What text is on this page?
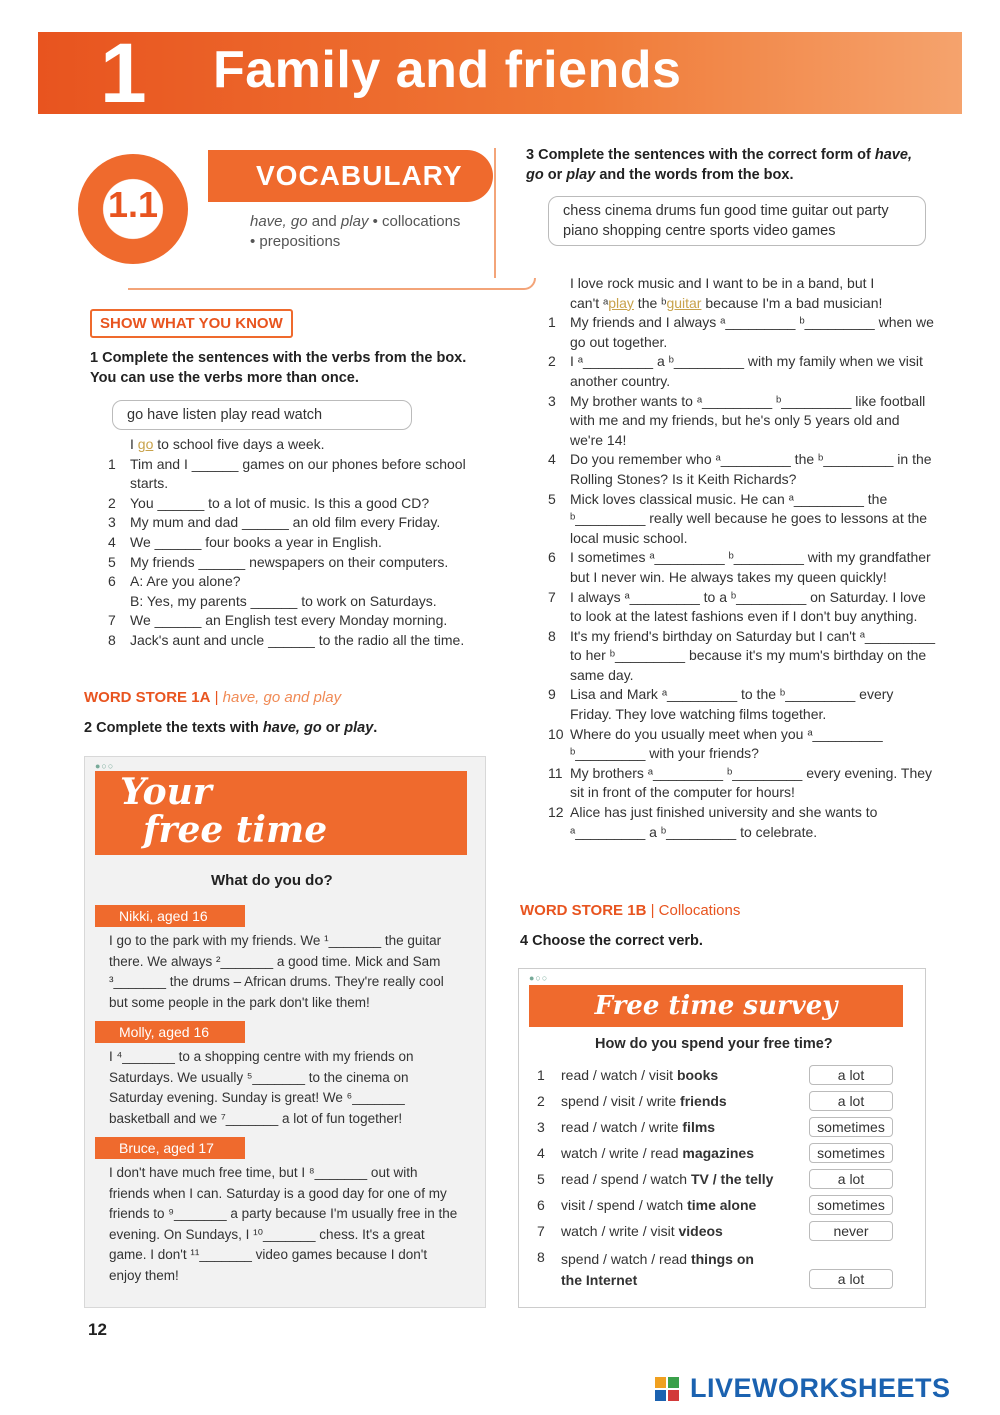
1 Family and friends
1.1
VOCABULARY
have, go and play • collocations
• prepositions
SHOW WHAT YOU KNOW
1 Complete the sentences with the verbs from the box. You can use the verbs more than once.
go have listen play read watch
I go to school five days a week.
1 Tim and I ______ games on our phones before school starts.
2 You ______ to a lot of music. Is this a good CD?
3 My mum and dad ______ an old film every Friday.
4 We ______ four books a year in English.
5 My friends ______ newspapers on their computers.
6 A: Are you alone?
B: Yes, my parents ______ to work on Saturdays.
7 We ______ an English test every Monday morning.
8 Jack's aunt and uncle ______ to the radio all the time.
WORD STORE 1A | have, go and play
2 Complete the texts with have, go or play.
●○○
Your
free time
What do you do?
Nikki, aged 16
I go to the park with my friends. We ¹_______ the guitar there. We always ²_______ a good time. Mick and Sam ³_______ the drums – African drums. They're really cool but some people in the park don't like them!
Molly, aged 16
I ⁴_______ to a shopping centre with my friends on Saturdays. We usually ⁵_______ to the cinema on Saturday evening. Sunday is great! We ⁶_______ basketball and we ⁷_______ a lot of fun together!
Bruce, aged 17
I don't have much free time, but I ⁸_______ out with friends when I can. Saturday is a good day for one of my friends to ⁹_______ a party because I'm usually free in the evening. On Sundays, I ¹⁰_______ chess. It's a great game. I don't ¹¹_______ video games because I don't enjoy them!
3 Complete the sentences with the correct form of have, go or play and the words from the box.
chess cinema drums fun good time guitar out party piano shopping centre sports video games
I love rock music and I want to be in a band, but I
can't ᵃplay the ᵇguitar because I'm a bad musician!
1 My friends and I always ᵃ_________ ᵇ_________ when we go out together.
2 I ᵃ_________ a ᵇ_________ with my family when we visit another country.
3 My brother wants to ᵃ_________ ᵇ_________ like football with me and my friends, but he's only 5 years old and we're 14!
4 Do you remember who ᵃ_________ the ᵇ_________ in the Rolling Stones? Is it Keith Richards?
5 Mick loves classical music. He can ᵃ_________ the ᵇ_________ really well because he goes to lessons at the local music school.
6 I sometimes ᵃ_________ ᵇ_________ with my grandfather but I never win. He always takes my queen quickly!
7 I always ᵃ_________ to a ᵇ_________ on Saturday. I love to look at the latest fashions even if I don't buy anything.
8 It's my friend's birthday on Saturday but I can't ᵃ_________ to her ᵇ_________ because it's my mum's birthday on the same day.
9 Lisa and Mark ᵃ_________ to the ᵇ_________ every Friday. They love watching films together.
10 Where do you usually meet when you ᵃ_________ ᵇ_________ with your friends?
11 My brothers ᵃ_________ ᵇ_________ every evening. They sit in front of the computer for hours!
12 Alice has just finished university and she wants to ᵃ_________ a ᵇ_________ to celebrate.
WORD STORE 1B | Collocations
4 Choose the correct verb.
●○○
Free time survey
How do you spend your free time?
1 read / watch / visit books	a lot
2 spend / visit / write friends	a lot
3 read / watch / write films	sometimes
4 watch / write / read magazines	sometimes
5 read / spend / watch TV / the telly	a lot
6 visit / spend / watch time alone	sometimes
7 watch / write / visit videos	never
8 spend / watch / read things on the Internet	a lot
12
LIVEWORKSHEETS
